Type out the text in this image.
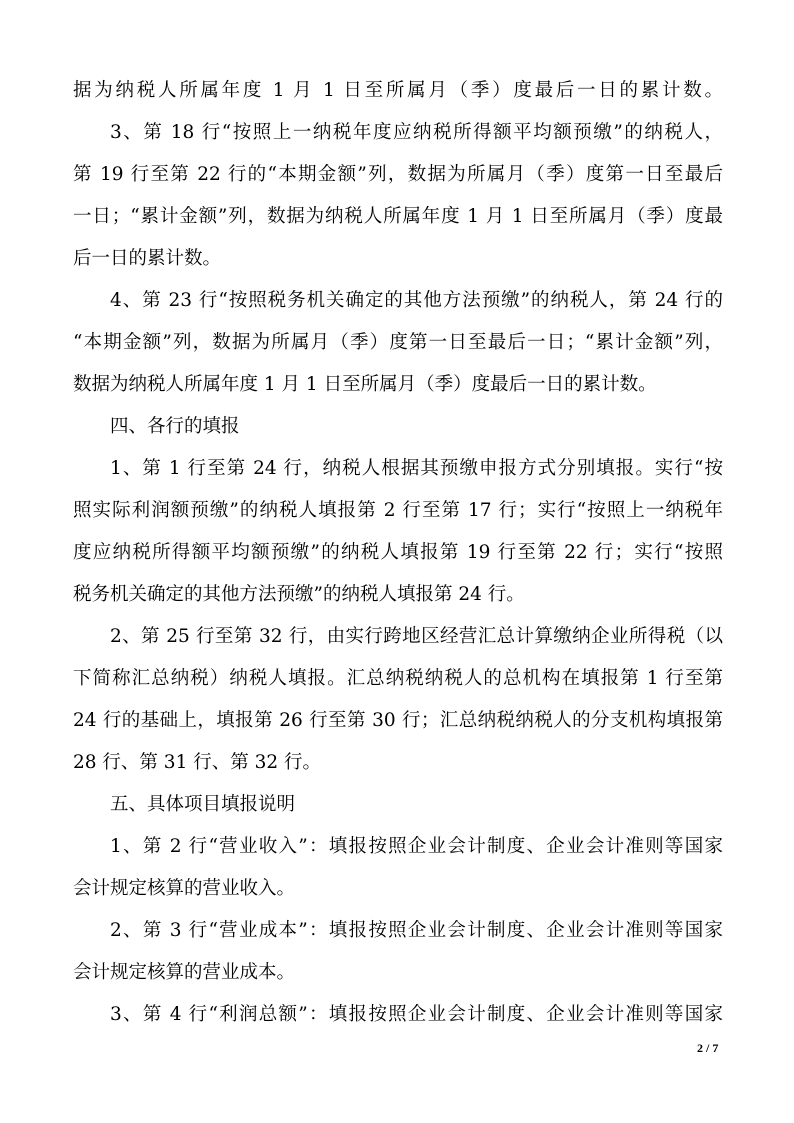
据为纳税人所属年度 1 月 1 日至所属月（季）度最后一日的累计数。
3、第 18 行“按照上一纳税年度应纳税所得额平均额预缴”的纳税人，
第 19 行至第 22 行的“本期金额”列，数据为所属月（季）度第一日至最后
一日；“累计金额”列，数据为纳税人所属年度 1 月 1 日至所属月（季）度最
后一日的累计数。
4、第 23 行“按照税务机关确定的其他方法预缴”的纳税人，第 24 行的
“本期金额”列，数据为所属月（季）度第一日至最后一日；“累计金额”列，
数据为纳税人所属年度 1 月 1 日至所属月（季）度最后一日的累计数。
四、各行的填报
1、第 1 行至第 24 行，纳税人根据其预缴申报方式分别填报。实行“按
照实际利润额预缴”的纳税人填报第 2 行至第 17 行；实行“按照上一纳税年
度应纳税所得额平均额预缴”的纳税人填报第 19 行至第 22 行；实行“按照
税务机关确定的其他方法预缴”的纳税人填报第 24 行。
2、第 25 行至第 32 行，由实行跨地区经营汇总计算缴纳企业所得税（以
下简称汇总纳税）纳税人填报。汇总纳税纳税人的总机构在填报第 1 行至第
24 行的基础上，填报第 26 行至第 30 行；汇总纳税纳税人的分支机构填报第
28 行、第 31 行、第 32 行。
五、具体项目填报说明
1、第 2 行“营业收入”：填报按照企业会计制度、企业会计准则等国家
会计规定核算的营业收入。
2、第 3 行“营业成本”：填报按照企业会计制度、企业会计准则等国家
会计规定核算的营业成本。
3、第 4 行“利润总额”：填报按照企业会计制度、企业会计准则等国家
2 / 7
